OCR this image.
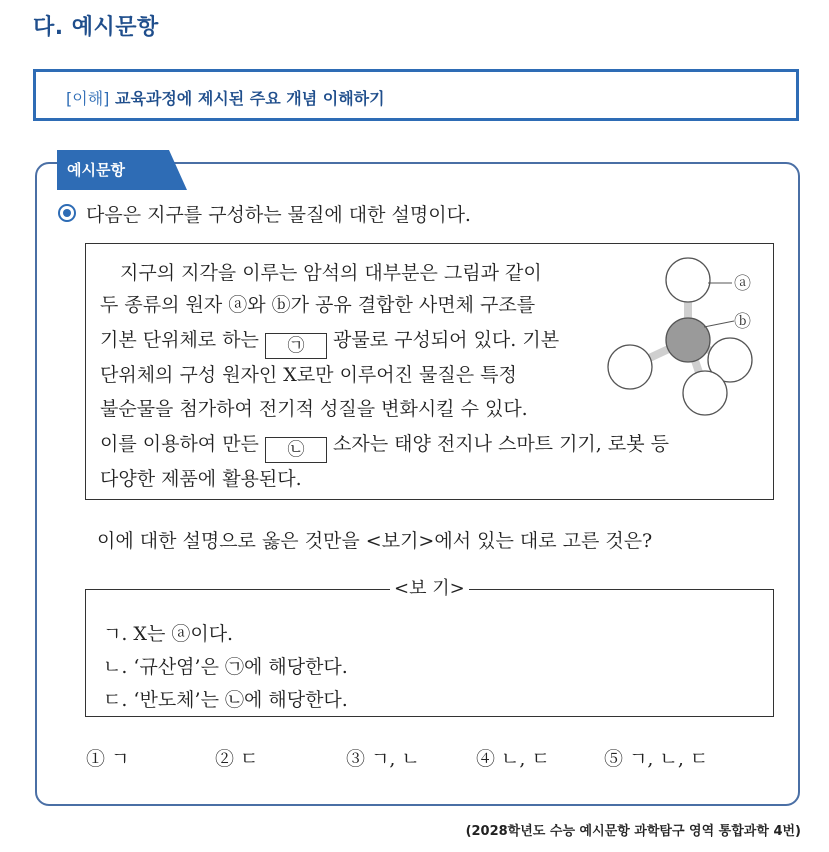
다. 예시문항
[이해] 교육과정에 제시된 주요 개념 이해하기
예시문항
다음은 지구를 구성하는 물질에 대한 설명이다.
지구의 지각을 이루는 암석의 대부분은 그림과 같이
두 종류의 원자 ⓐ와 ⓑ가 공유 결합한 사면체 구조를
기본 단위체로 하는 ㉠ 광물로 구성되어 있다. 기본
단위체의 구성 원자인 X로만 이루어진 물질은 특정
불순물을 첨가하여 전기적 성질을 변화시킬 수 있다.
이를 이용하여 만든 ㉡ 소자는 태양 전지나 스마트 기기, 로봇 등
다양한 제품에 활용된다.
ⓐ
ⓑ
이에 대한 설명으로 옳은 것만을 <보기>에서 있는 대로 고른 것은?
<보 기>
ㄱ. X는 ⓐ이다.
ㄴ. ‘규산염’은 ㉠에 해당한다.
ㄷ. ‘반도체’는 ㉡에 해당한다.
① ㄱ	② ㄷ	③ ㄱ, ㄴ	④ ㄴ, ㄷ	⑤ ㄱ, ㄴ, ㄷ
(2028학년도 수능 예시문항 과학탐구 영역 통합과학 4번)
